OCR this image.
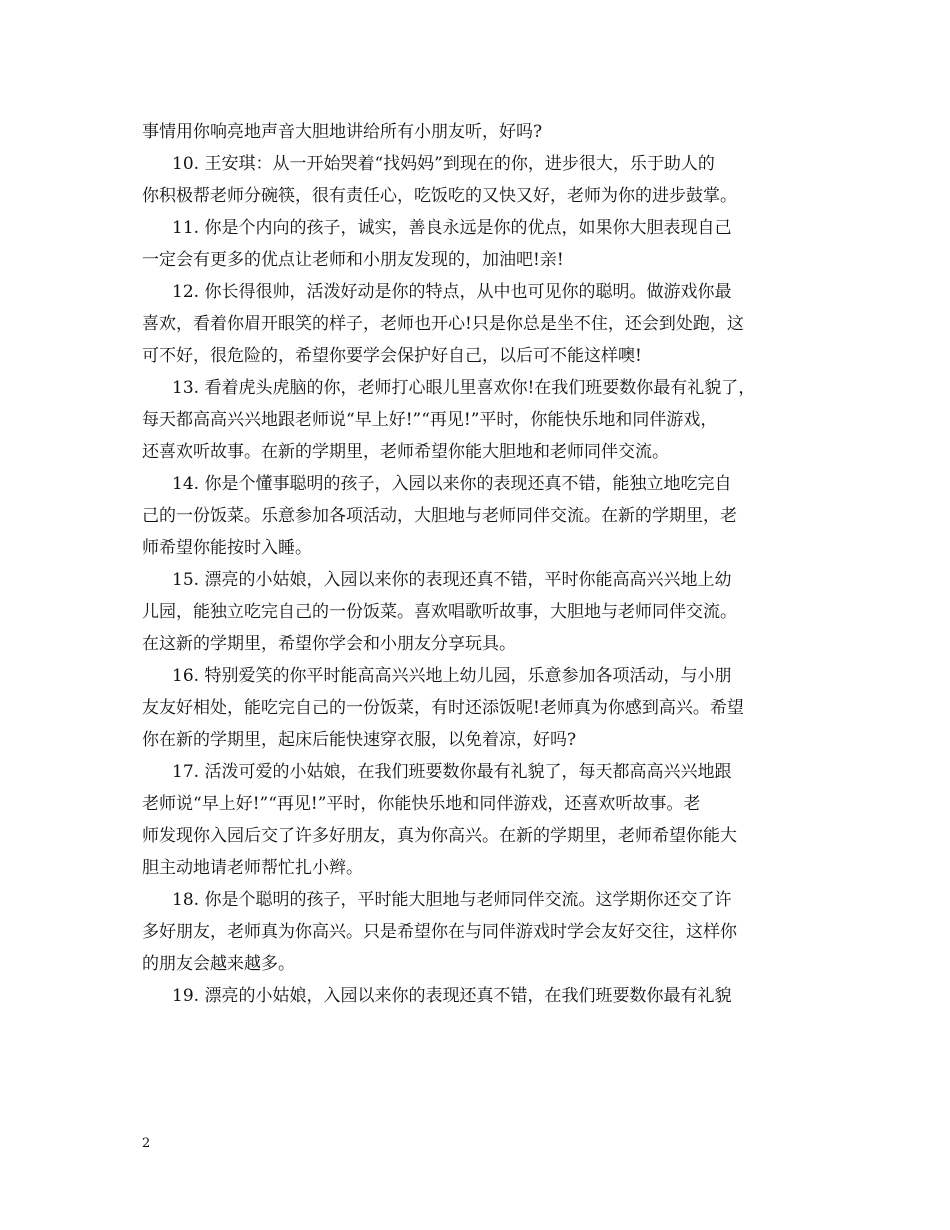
事情用你响亮地声音大胆地讲给所有小朋友听，好吗?
10. 王安琪：从一开始哭着“找妈妈”到现在的你，进步很大，乐于助人的
你积极帮老师分碗筷，很有责任心，吃饭吃的又快又好，老师为你的进步鼓掌。
11. 你是个内向的孩子，诚实，善良永远是你的优点，如果你大胆表现自己
一定会有更多的优点让老师和小朋友发现的，加油吧!亲!
12. 你长得很帅，活泼好动是你的特点，从中也可见你的聪明。做游戏你最
喜欢，看着你眉开眼笑的样子，老师也开心!只是你总是坐不住，还会到处跑，这
可不好，很危险的，希望你要学会保护好自己，以后可不能这样噢!
13. 看着虎头虎脑的你，老师打心眼儿里喜欢你!在我们班要数你最有礼貌了，
每天都高高兴兴地跟老师说“早上好!”“再见!”平时，你能快乐地和同伴游戏，
还喜欢听故事。在新的学期里，老师希望你能大胆地和老师同伴交流。
14. 你是个懂事聪明的孩子，入园以来你的表现还真不错，能独立地吃完自
己的一份饭菜。乐意参加各项活动，大胆地与老师同伴交流。在新的学期里，老
师希望你能按时入睡。
15. 漂亮的小姑娘，入园以来你的表现还真不错，平时你能高高兴兴地上幼
儿园，能独立吃完自己的一份饭菜。喜欢唱歌听故事，大胆地与老师同伴交流。
在这新的学期里，希望你学会和小朋友分享玩具。
16. 特别爱笑的你平时能高高兴兴地上幼儿园，乐意参加各项活动，与小朋
友友好相处，能吃完自己的一份饭菜，有时还添饭呢!老师真为你感到高兴。希望
你在新的学期里，起床后能快速穿衣服，以免着凉，好吗?
17. 活泼可爱的小姑娘，在我们班要数你最有礼貌了，每天都高高兴兴地跟
老师说“早上好!”“再见!”平时，你能快乐地和同伴游戏，还喜欢听故事。老
师发现你入园后交了许多好朋友，真为你高兴。在新的学期里，老师希望你能大
胆主动地请老师帮忙扎小辫。
18. 你是个聪明的孩子，平时能大胆地与老师同伴交流。这学期你还交了许
多好朋友，老师真为你高兴。只是希望你在与同伴游戏时学会友好交往，这样你
的朋友会越来越多。
19. 漂亮的小姑娘，入园以来你的表现还真不错，在我们班要数你最有礼貌
2
